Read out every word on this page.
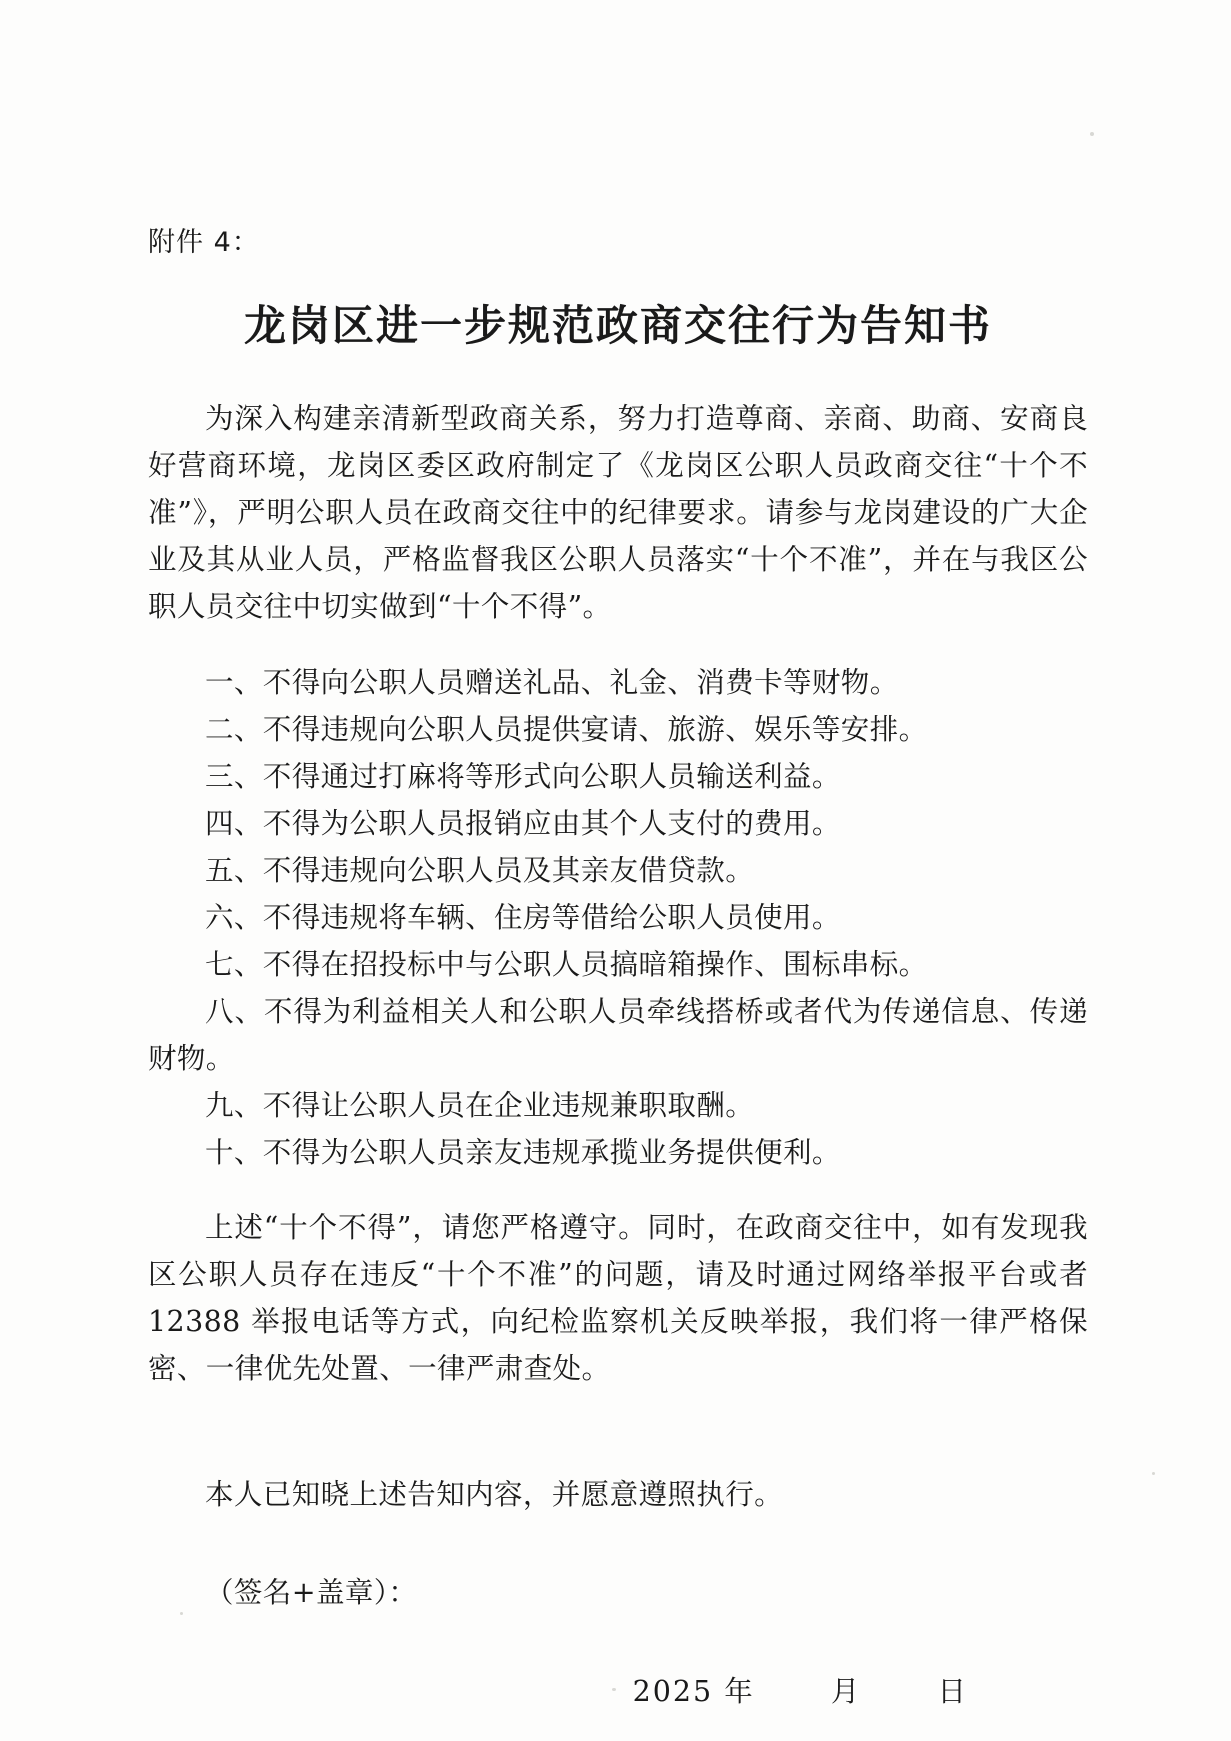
附件 4：
龙岗区进一步规范政商交往行为告知书

为深入构建亲清新型政商关系，努力打造尊商、亲商、助商、安商良好营商环境，龙岗区委区政府制定了《龙岗区公职人员政商交往“十个不准”》，严明公职人员在政商交往中的纪律要求。请参与龙岗建设的广大企业及其从业人员，严格监督我区公职人员落实“十个不准”，并在与我区公职人员交往中切实做到“十个不得”。

一、不得向公职人员赠送礼品、礼金、消费卡等财物。
二、不得违规向公职人员提供宴请、旅游、娱乐等安排。
三、不得通过打麻将等形式向公职人员输送利益。
四、不得为公职人员报销应由其个人支付的费用。
五、不得违规向公职人员及其亲友借贷款。
六、不得违规将车辆、住房等借给公职人员使用。
七、不得在招投标中与公职人员搞暗箱操作、围标串标。
八、不得为利益相关人和公职人员牵线搭桥或者代为传递信息、传递财物。
九、不得让公职人员在企业违规兼职取酬。
十、不得为公职人员亲友违规承揽业务提供便利。

上述“十个不得”，请您严格遵守。同时，在政商交往中，如有发现我区公职人员存在违反“十个不准”的问题，请及时通过网络举报平台或者 12388 举报电话等方式，向纪检监察机关反映举报，我们将一律严格保密、一律优先处置、一律严肃查处。

本人已知晓上述告知内容，并愿意遵照执行。

（签名+盖章）：
2025 年	月	日
